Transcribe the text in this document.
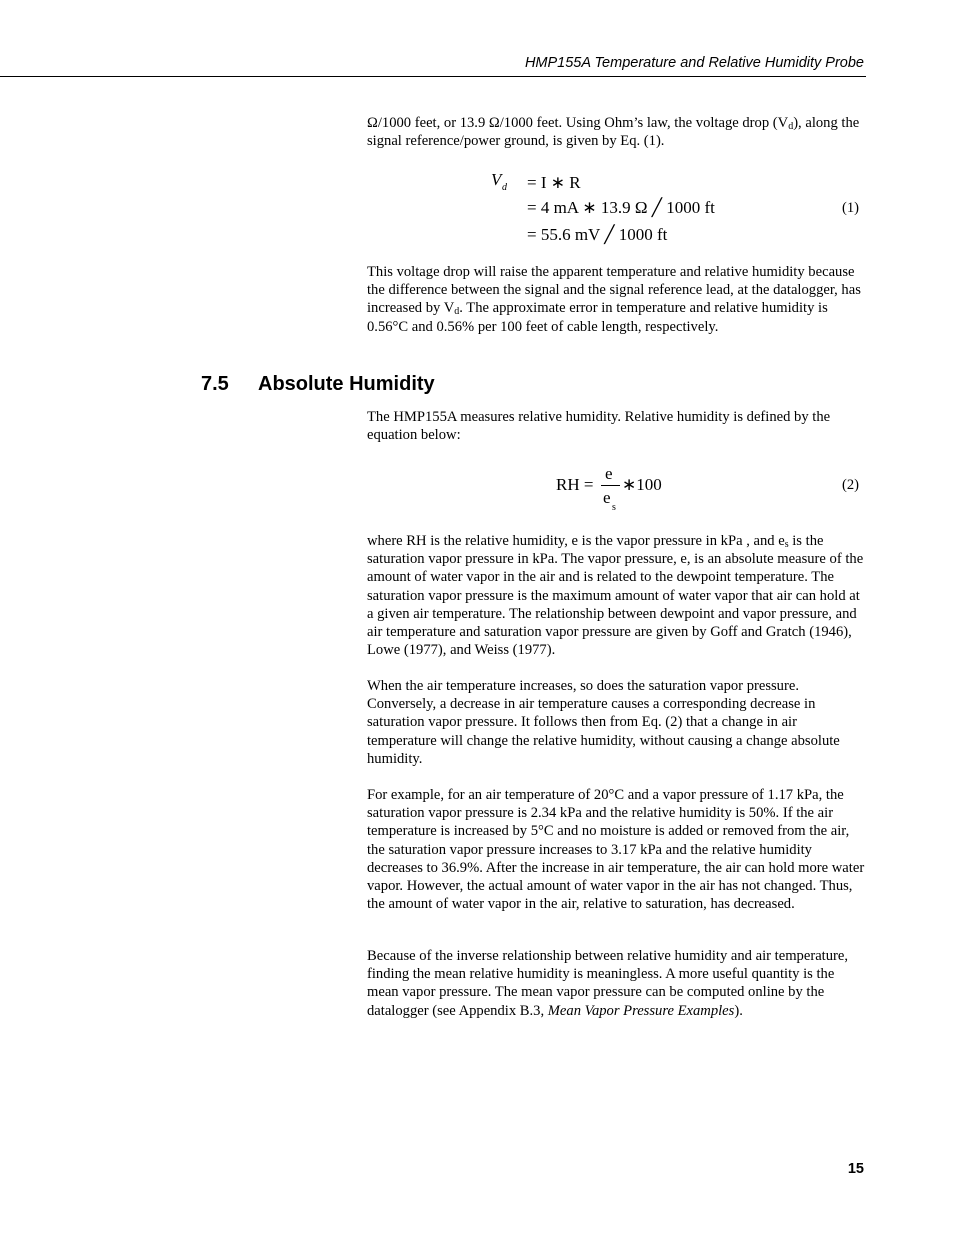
HMP155A Temperature and Relative Humidity Probe

Ω/1000 feet, or 13.9 Ω/1000 feet. Using Ohm’s law, the voltage drop $(V_d)$, along the signal reference/power ground, is given by Eq. (1).

V d = I ∗ R
= 4 mA ∗ 13.9 Ω ╱ 1000 ft
= 55.6 mV ╱ 1000 ft
(1)

This voltage drop will raise the apparent temperature and relative humidity because the difference between the signal and the signal reference lead, at the datalogger, has increased by $V_d$. The approximate error in temperature and relative humidity is 0.56°C and 0.56% per 100 feet of cable length, respectively.

7.5 Absolute Humidity

The HMP155A measures relative humidity. Relative humidity is defined by the equation below:

RH =
e
e
s
∗100	(2)

where RH is the relative humidity, e is the vapor pressure in kPa , and $e_s$ is the saturation vapor pressure in kPa. The vapor pressure, e, is an absolute measure of the amount of water vapor in the air and is related to the dewpoint temperature. The saturation vapor pressure is the maximum amount of water vapor that air can hold at a given air temperature. The relationship between dewpoint and vapor pressure, and air temperature and saturation vapor pressure are given by Goff and Gratch (1946), Lowe (1977), and Weiss (1977).

When the air temperature increases, so does the saturation vapor pressure. Conversely, a decrease in air temperature causes a corresponding decrease in saturation vapor pressure. It follows then from Eq. (2) that a change in air temperature will change the relative humidity, without causing a change absolute humidity.

For example, for an air temperature of 20°C and a vapor pressure of 1.17 kPa, the saturation vapor pressure is 2.34 kPa and the relative humidity is 50%. If the air temperature is increased by 5°C and no moisture is added or removed from the air, the saturation vapor pressure increases to 3.17 kPa and the relative humidity decreases to 36.9%. After the increase in air temperature, the air can hold more water vapor. However, the actual amount of water vapor in the air has not changed. Thus, the amount of water vapor in the air, relative to saturation, has decreased.

Because of the inverse relationship between relative humidity and air temperature, finding the mean relative humidity is meaningless. A more useful quantity is the mean vapor pressure. The mean vapor pressure can be computed online by the datalogger (see Appendix B.3, Mean Vapor Pressure Examples).

15
